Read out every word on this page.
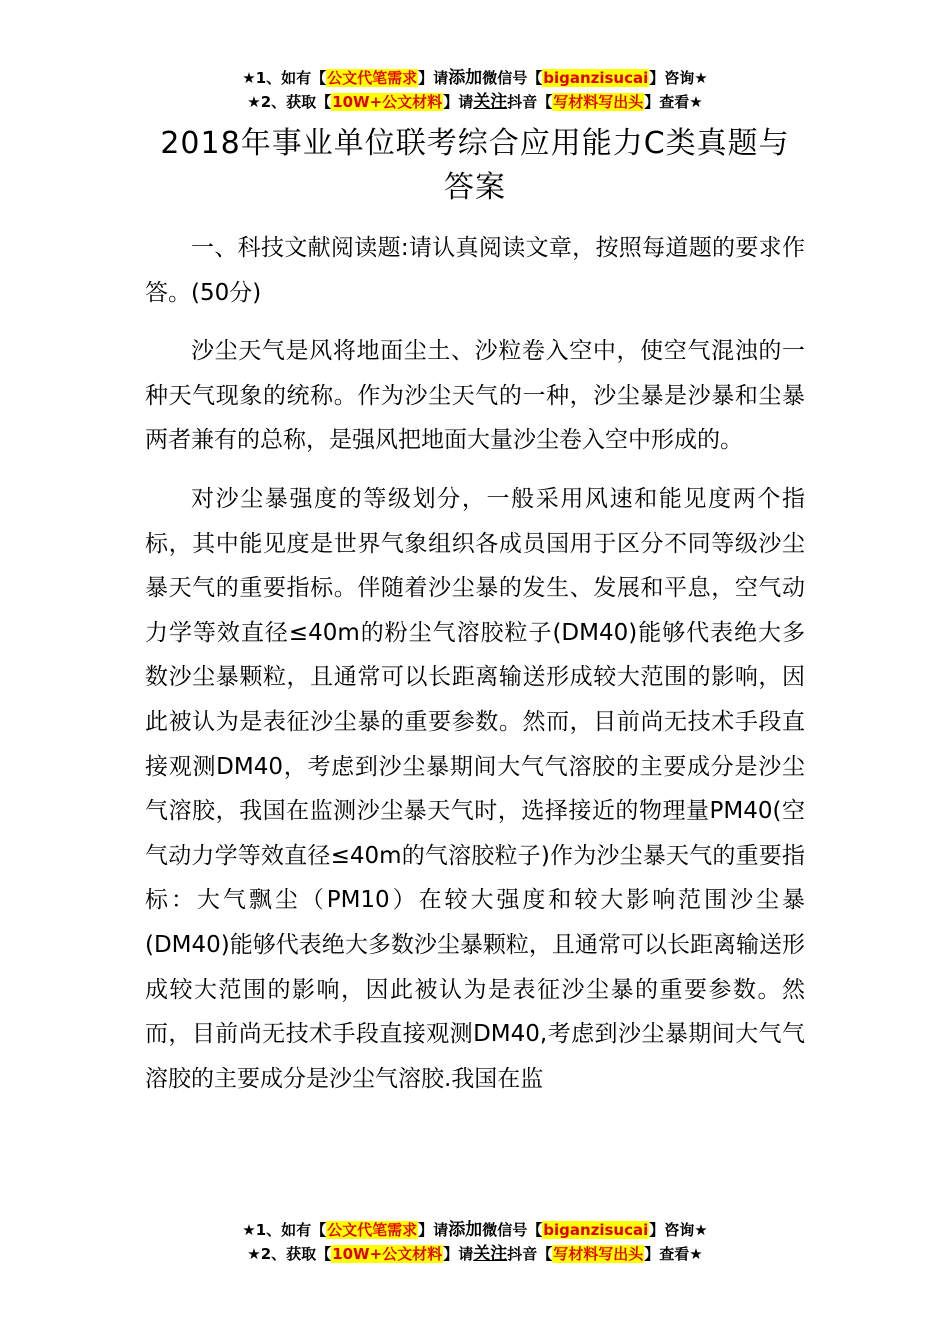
★1、如有【公文代笔需求】请添加微信号【biganzisucai】咨询★
★2、获取【10W+公文材料】请关注抖音【写材料写出头】查看★
2018年事业单位联考综合应用能力C类真题与答案

一、科技文献阅读题:请认真阅读文章，按照每道题的要求作答。(50分)

沙尘天气是风将地面尘土、沙粒卷入空中，使空气混浊的一种天气现象的统称。作为沙尘天气的一种，沙尘暴是沙暴和尘暴两者兼有的总称，是强风把地面大量沙尘卷入空中形成的。

对沙尘暴强度的等级划分，一般采用风速和能见度两个指标，其中能见度是世界气象组织各成员国用于区分不同等级沙尘暴天气的重要指标。伴随着沙尘暴的发生、发展和平息，空气动力学等效直径≤40m的粉尘气溶胶粒子(DM40)能够代表绝大多数沙尘暴颗粒，且通常可以长距离输送形成较大范围的影响，因此被认为是表征沙尘暴的重要参数。然而，目前尚无技术手段直接观测DM40，考虑到沙尘暴期间大气气溶胶的主要成分是沙尘气溶胶，我国在监测沙尘暴天气时，选择接近的物理量PM40(空气动力学等效直径≤40m的气溶胶粒子)作为沙尘暴天气的重要指标：大气飘尘（PM10）在较大强度和较大影响范围沙尘暴(DM40)能够代表绝大多数沙尘暴颗粒，且通常可以长距离输送形成较大范围的影响，因此被认为是表征沙尘暴的重要参数。然而，目前尚无技术手段直接观测DM40,考虑到沙尘暴期间大气气溶胶的主要成分是沙尘气溶胶.我国在监

★1、如有【公文代笔需求】请添加微信号【biganzisucai】咨询★
★2、获取【10W+公文材料】请关注抖音【写材料写出头】查看★
